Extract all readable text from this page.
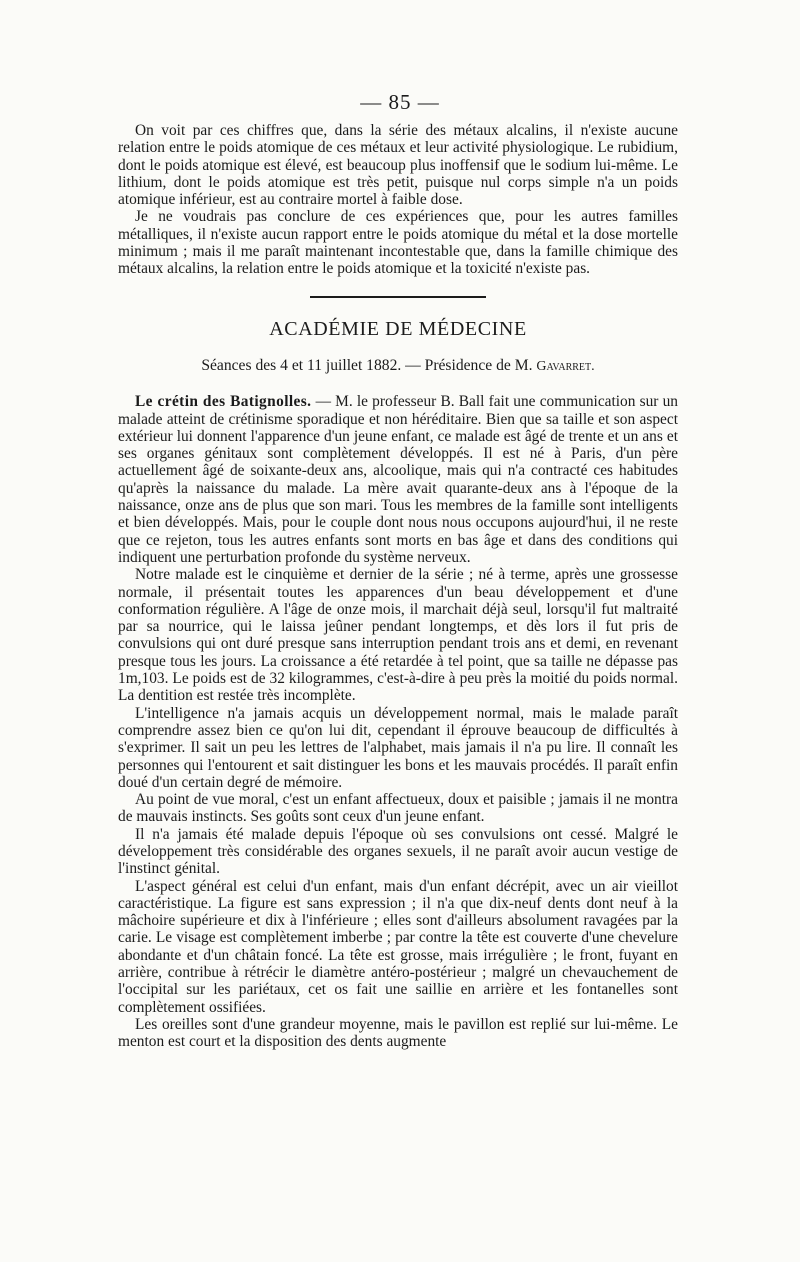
— 85 —

On voit par ces chiffres que, dans la série des métaux alcalins, il n'existe aucune relation entre le poids atomique de ces métaux et leur activité physiologique. Le rubidium, dont le poids atomique est élevé, est beaucoup plus inoffensif que le sodium lui-même. Le lithium, dont le poids atomique est très petit, puisque nul corps simple n'a un poids atomique inférieur, est au contraire mortel à faible dose.

Je ne voudrais pas conclure de ces expériences que, pour les autres familles métalliques, il n'existe aucun rapport entre le poids atomique du métal et la dose mortelle minimum ; mais il me paraît maintenant incontestable que, dans la famille chimique des métaux alcalins, la relation entre le poids atomique et la toxicité n'existe pas.

ACADÉMIE DE MÉDECINE
Séances des 4 et 11 juillet 1882. — Présidence de M. Gavarret.

Le crétin des Batignolles. — M. le professeur B. Ball fait une communication sur un malade atteint de crétinisme sporadique et non héréditaire. Bien que sa taille et son aspect extérieur lui donnent l'apparence d'un jeune enfant, ce malade est âgé de trente et un ans et ses organes génitaux sont complètement développés. Il est né à Paris, d'un père actuellement âgé de soixante-deux ans, alcoolique, mais qui n'a contracté ces habitudes qu'après la naissance du malade. La mère avait quarante-deux ans à l'époque de la naissance, onze ans de plus que son mari. Tous les membres de la famille sont intelligents et bien développés. Mais, pour le couple dont nous nous occupons aujourd'hui, il ne reste que ce rejeton, tous les autres enfants sont morts en bas âge et dans des conditions qui indiquent une perturbation profonde du système nerveux.

Notre malade est le cinquième et dernier de la série ; né à terme, après une grossesse normale, il présentait toutes les apparences d'un beau développement et d'une conformation régulière. A l'âge de onze mois, il marchait déjà seul, lorsqu'il fut maltraité par sa nourrice, qui le laissa jeûner pendant longtemps, et dès lors il fut pris de convulsions qui ont duré presque sans interruption pendant trois ans et demi, en revenant presque tous les jours. La croissance a été retardée à tel point, que sa taille ne dépasse pas 1m,103. Le poids est de 32 kilogrammes, c'est-à-dire à peu près la moitié du poids normal. La dentition est restée très incomplète.

L'intelligence n'a jamais acquis un développement normal, mais le malade paraît comprendre assez bien ce qu'on lui dit, cependant il éprouve beaucoup de difficultés à s'exprimer. Il sait un peu les lettres de l'alphabet, mais jamais il n'a pu lire. Il connaît les personnes qui l'entourent et sait distinguer les bons et les mauvais procédés. Il paraît enfin doué d'un certain degré de mémoire.

Au point de vue moral, c'est un enfant affectueux, doux et paisible ; jamais il ne montra de mauvais instincts. Ses goûts sont ceux d'un jeune enfant.

Il n'a jamais été malade depuis l'époque où ses convulsions ont cessé. Malgré le développement très considérable des organes sexuels, il ne paraît avoir aucun vestige de l'instinct génital.

L'aspect général est celui d'un enfant, mais d'un enfant décrépit, avec un air vieillot caractéristique. La figure est sans expression ; il n'a que dix-neuf dents dont neuf à la mâchoire supérieure et dix à l'inférieure ; elles sont d'ailleurs absolument ravagées par la carie. Le visage est complètement imberbe ; par contre la tête est couverte d'une chevelure abondante et d'un châtain foncé. La tête est grosse, mais irrégulière ; le front, fuyant en arrière, contribue à rétrécir le diamètre antéro-postérieur ; malgré un chevauchement de l'occipital sur les pariétaux, cet os fait une saillie en arrière et les fontanelles sont complètement ossifiées.

Les oreilles sont d'une grandeur moyenne, mais le pavillon est replié sur lui-même. Le menton est court et la disposition des dents augmente
